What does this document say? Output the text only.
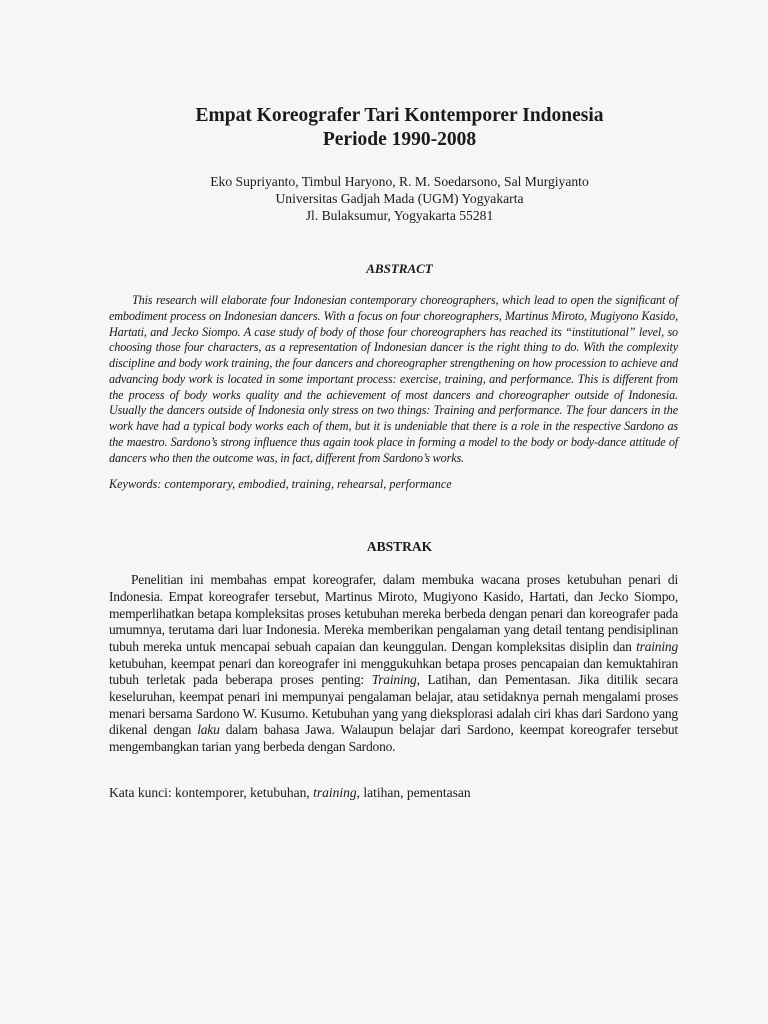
Empat Koreografer Tari Kontemporer Indonesia
Periode 1990-2008
Eko Supriyanto, Timbul Haryono, R. M. Soedarsono, Sal Murgiyanto
Universitas Gadjah Mada (UGM) Yogyakarta
Jl. Bulaksumur, Yogyakarta 55281
ABSTRACT

This research will elaborate four Indonesian contemporary choreographers, which lead to open the significant of embodiment process on Indonesian dancers. With a focus on four choreographers, Martinus Miroto, Mugiyono Kasido, Hartati, and Jecko Siompo. A case study of body of those four choreographers has reached its “institutional” level, so choosing those four characters, as a representation of Indonesian dancer is the right thing to do. With the complexity discipline and body work training, the four dancers and choreographer strengthening on how procession to achieve and advancing body work is located in some important process: exercise, training, and performance. This is different from the process of body works quality and the achievement of most dancers and choreographer outside of Indonesia. Usually the dancers outside of Indonesia only stress on two things: Training and performance. The four dancers in the work have had a typical body works each of them, but it is undeniable that there is a role in the respective Sardono as the maestro. Sardono’s strong influence thus again took place in forming a model to the body or body-dance attitude of dancers who then the outcome was, in fact, different from Sardono’s works.

Keywords: contemporary, embodied, training, rehearsal, performance

ABSTRAK

Penelitian ini membahas empat koreografer, dalam membuka wacana proses ketubuhan penari di Indonesia. Empat koreografer tersebut, Martinus Miroto, Mugiyono Kasido, Hartati, dan Jecko Siompo, memperlihatkan betapa kompleksitas proses ketubuhan mereka berbeda dengan penari dan koreografer pada umumnya, terutama dari luar Indonesia. Mereka memberikan pengalaman yang detail tentang pendisiplinan tubuh mereka untuk mencapai sebuah capaian dan keunggulan. Dengan kompleksitas disiplin dan training ketubuhan, keempat penari dan koreografer ini menggukuhkan betapa proses pencapaian dan kemuktahiran tubuh terletak pada beberapa proses penting: Training, Latihan, dan Pementasan. Jika ditilik secara keseluruhan, keempat penari ini mempunyai pengalaman belajar, atau setidaknya pernah mengalami proses menari bersama Sardono W. Kusumo. Ketubuhan yang yang dieksplorasi adalah ciri khas dari Sardono yang dikenal dengan laku dalam bahasa Jawa. Walaupun belajar dari Sardono, keempat koreografer tersebut mengembangkan tarian yang berbeda dengan Sardono.

Kata kunci: kontemporer, ketubuhan, training, latihan, pementasan
